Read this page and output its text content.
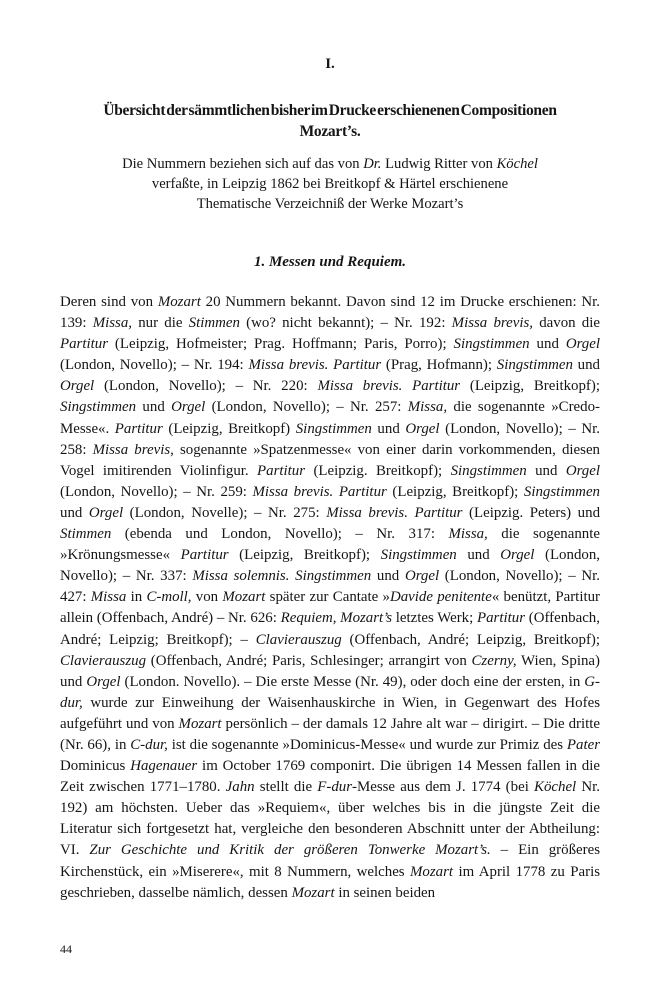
I.
Übersicht der sämmtlichen bisher im Drucke erschienenen Compositionen
Mozart’s.

Die Nummern beziehen sich auf das von Dr. Ludwig Ritter von Köchel
verfaßte, in Leipzig 1862 bei Breitkopf & Härtel erschienene
Thematische Verzeichniß der Werke Mozart’s

1. Messen und Requiem.

Deren sind von Mozart 20 Nummern bekannt. Davon sind 12 im Drucke erschienen: Nr. 139: Missa, nur die Stimmen (wo? nicht bekannt); – Nr. 192: Missa brevis, davon die Partitur (Leipzig, Hofmeister; Prag. Hoffmann; Paris, Porro); Singstimmen und Orgel (London, Novello); – Nr. 194: Missa brevis. Partitur (Prag, Hofmann); Singstimmen und Orgel (London, Novello); – Nr. 220: Missa brevis. Partitur (Leipzig, Breitkopf); Singstimmen und Orgel (London, Novello); – Nr. 257: Missa, die sogenannte »Credo-Messe«. Partitur (Leipzig, Breitkopf) Singstimmen und Orgel (London, Novello); – Nr. 258: Missa brevis, sogenannte »Spatzenmesse« von einer darin vorkommenden, diesen Vogel imitirenden Violinfigur. Partitur (Leipzig. Breitkopf); Singstimmen und Orgel (London, Novello); – Nr. 259: Missa brevis. Partitur (Leipzig, Breitkopf); Singstimmen und Orgel (London, Novelle); – Nr. 275: Missa brevis. Partitur (Leipzig. Peters) und Stimmen (ebenda und London, Novello); – Nr. 317: Missa, die sogenannte »Krönungsmesse« Partitur (Leipzig, Breitkopf); Singstimmen und Orgel (London, Novello); – Nr. 337: Missa solemnis. Singstimmen und Orgel (London, Novello); – Nr. 427: Missa in C-moll, von Mozart später zur Cantate »Davide penitente« benützt, Partitur allein (Offenbach, André) – Nr. 626: Requiem, Mozart’s letztes Werk; Partitur (Offenbach, André; Leipzig; Breitkopf); – Clavierauszug (Offenbach, André; Leipzig, Breitkopf); Clavierauszug (Offenbach, André; Paris, Schlesinger; arrangirt von Czerny, Wien, Spina) und Orgel (London. Novello). – Die erste Messe (Nr. 49), oder doch eine der ersten, in G-dur, wurde zur Einweihung der Waisenhauskirche in Wien, in Gegenwart des Hofes aufgeführt und von Mozart persönlich – der damals 12 Jahre alt war – dirigirt. – Die dritte (Nr. 66), in C-dur, ist die sogenannte »Dominicus-Messe« und wurde zur Primiz des Pater Dominicus Hagenauer im October 1769 componirt. Die übrigen 14 Messen fallen in die Zeit zwischen 1771–1780. Jahn stellt die F-dur-Messe aus dem J. 1774 (bei Köchel Nr. 192) am höchsten. Ueber das »Requiem«, über welches bis in die jüngste Zeit die Literatur sich fortgesetzt hat, vergleiche den besonderen Abschnitt unter der Abtheilung: VI. Zur Geschichte und Kritik der größeren Tonwerke Mozart’s. – Ein größeres Kirchenstück, ein »Miserere«, mit 8 Nummern, welches Mozart im April 1778 zu Paris geschrieben, dasselbe nämlich, dessen Mozart in seinen beiden

44
